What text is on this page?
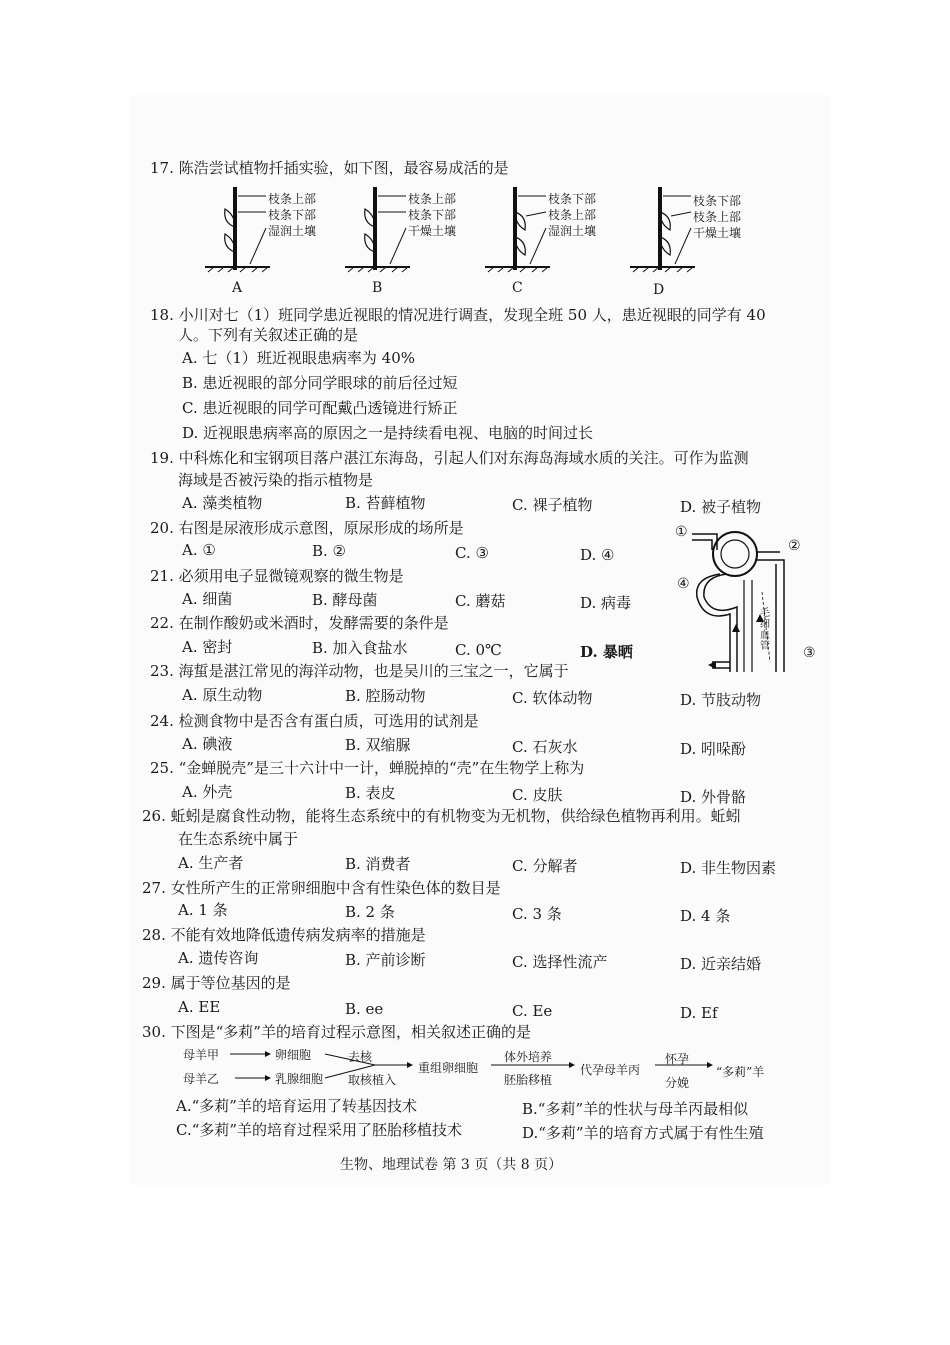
17. 陈浩尝试植物扦插实验，如下图，最容易成活的是
枝条上部
枝条下部
湿润土壤
A
枝条上部
枝条下部
干燥土壤
B
枝条下部
枝条上部
湿润土壤
C
枝条下部
枝条上部
干燥土壤
D
18. 小川对七（1）班同学患近视眼的情况进行调查，发现全班 50 人，患近视眼的同学有 40
人。下列有关叙述正确的是
A. 七（1）班近视眼患病率为 40%
B. 患近视眼的部分同学眼球的前后径过短
C. 患近视眼的同学可配戴凸透镜进行矫正
D. 近视眼患病率高的原因之一是持续看电视、电脑的时间过长
19. 中科炼化和宝钢项目落户湛江东海岛，引起人们对东海岛海域水质的关注。可作为监测
海域是否被污染的指示植物是
A. 藻类植物	B. 苔藓植物	C. 裸子植物	D. 被子植物
20. 右图是尿液形成示意图，原尿形成的场所是
A. ①	B. ②	C. ③	D. ④
①
②
③
④
毛
细
血
管
21. 必须用电子显微镜观察的微生物是
A. 细菌	B. 酵母菌	C. 蘑菇	D. 病毒
22. 在制作酸奶或米酒时，发酵需要的条件是
A. 密封	B. 加入食盐水	C. 0℃	D. 暴晒
23. 海蜇是湛江常见的海洋动物，也是吴川的三宝之一，它属于
A. 原生动物	B. 腔肠动物	C. 软体动物	D. 节肢动物
24. 检测食物中是否含有蛋白质，可选用的试剂是
A. 碘液	B. 双缩脲	C. 石灰水	D. 吲哚酚
25. “金蝉脱壳”是三十六计中一计，蝉脱掉的“壳”在生物学上称为
A. 外壳	B. 表皮	C. 皮肤	D. 外骨骼
26. 蚯蚓是腐食性动物，能将生态系统中的有机物变为无机物，供给绿色植物再利用。蚯蚓
在生态系统中属于
A. 生产者	B. 消费者	C. 分解者	D. 非生物因素
27. 女性所产生的正常卵细胞中含有性染色体的数目是
A. 1 条	B. 2 条	C. 3 条	D. 4 条
28. 不能有效地降低遗传病发病率的措施是
A. 遗传咨询	B. 产前诊断	C. 选择性流产	D. 近亲结婚
29. 属于等位基因的是
A. EE	B. ee	C. Ee	D. Ef
30. 下图是“多莉”羊的培育过程示意图，相关叙述正确的是
母羊甲	卵细胞	去核
母羊乙	乳腺细胞 取核植入
重组卵细胞
体外培养
胚胎移植
代孕母羊丙
怀孕
分娩
“多莉”羊
A.“多莉”羊的培育运用了转基因技术	B.“多莉”羊的性状与母羊丙最相似
C.“多莉”羊的培育过程采用了胚胎移植技术	D.“多莉”羊的培育方式属于有性生殖
生物、地理试卷 第 3 页（共 8 页）
